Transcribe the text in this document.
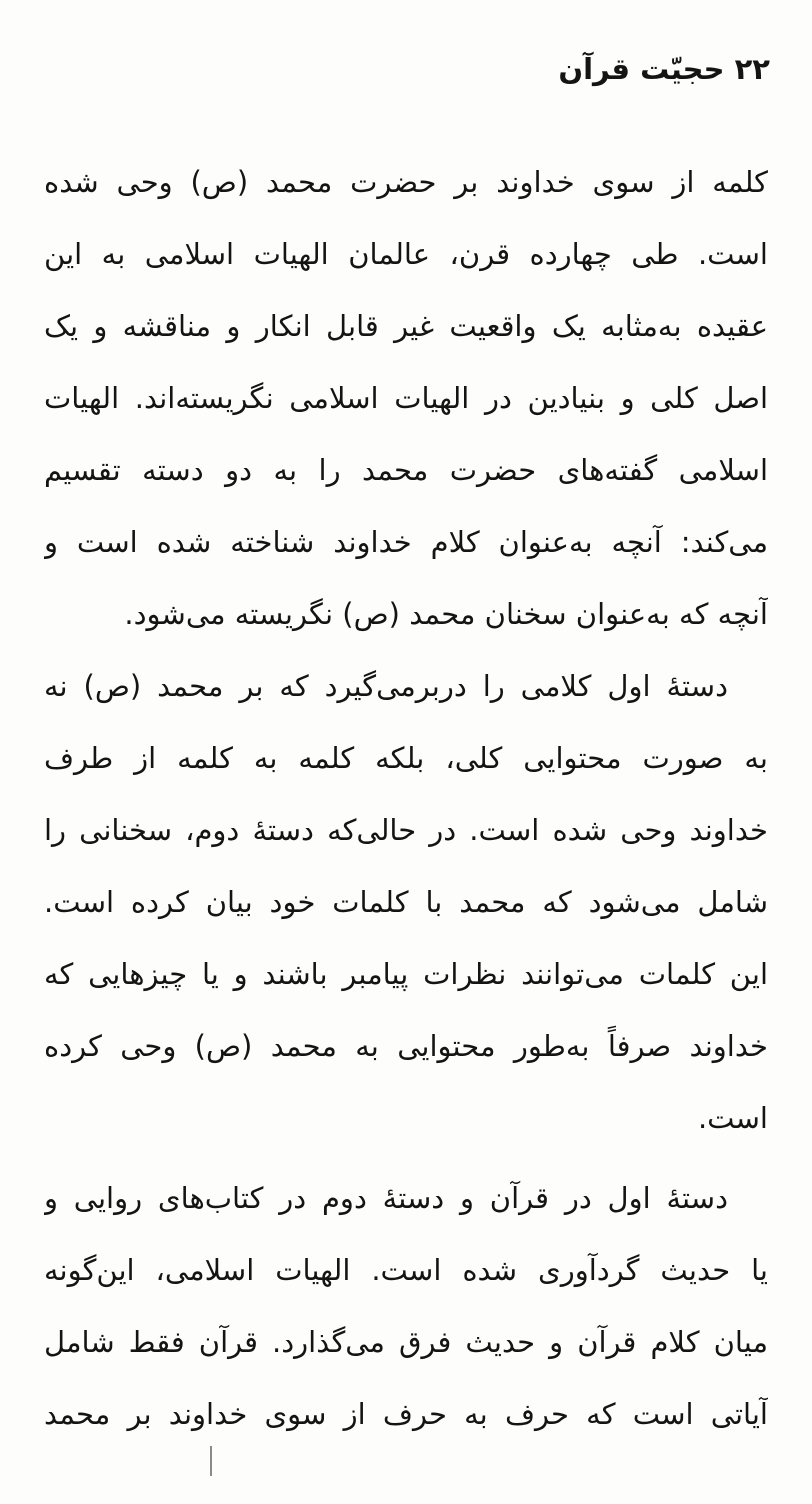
۲۲ حجیّت قرآن
کلمه از سوی خداوند بر حضرت محمد (ص) وحی شده
است. طی چهارده قرن، عالمان الهیات اسلامی به این
عقیده به‌مثابه یک واقعیت غیر قابل انکار و مناقشه و یک
اصل کلی و بنیادین در الهیات اسلامی نگریسته‌اند. الهیات
اسلامی گفته‌های حضرت محمد را به دو دسته تقسیم
می‌کند: آنچه به‌عنوان کلام خداوند شناخته شده است و
آنچه که به‌عنوان سخنان محمد (ص) نگریسته می‌شود.
دستهٔ اول کلامی را دربرمی‌گیرد که بر محمد (ص) نه
به صورت محتوایی کلی، بلکه کلمه به کلمه از طرف
خداوند وحی شده است. در حالی‌که دستهٔ دوم، سخنانی را
شامل می‌شود که محمد با کلمات خود بیان کرده است.
این کلمات می‌توانند نظرات پیامبر باشند و یا چیزهایی که
خداوند صرفاً به‌طور محتوایی به محمد (ص) وحی کرده
است.
دستهٔ اول در قرآن و دستهٔ دوم در کتاب‌های روایی و
یا حدیث گردآوری شده است. الهیات اسلامی، این‌گونه
میان کلام قرآن و حدیث فرق می‌گذارد. قرآن فقط شامل
آیاتی است که حرف به حرف از سوی خداوند بر محمد
